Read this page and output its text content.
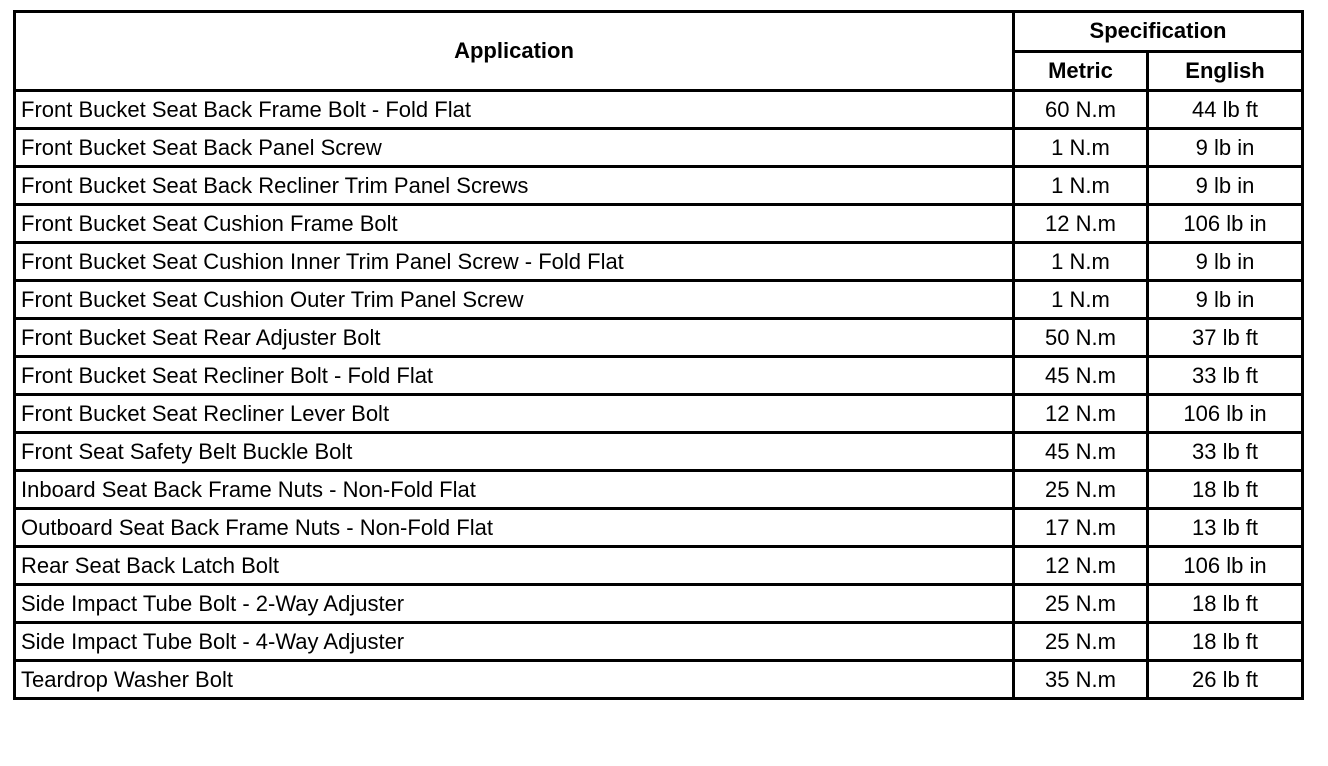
Application	Specification	
	Metric	English
Front Bucket Seat Back Frame Bolt - Fold Flat	60 N.m	44 lb ft
Front Bucket Seat Back Panel Screw	1 N.m	9 lb in
Front Bucket Seat Back Recliner Trim Panel Screws	1 N.m	9 lb in
Front Bucket Seat Cushion Frame Bolt	12 N.m	106 lb in
Front Bucket Seat Cushion Inner Trim Panel Screw - Fold Flat	1 N.m	9 lb in
Front Bucket Seat Cushion Outer Trim Panel Screw	1 N.m	9 lb in
Front Bucket Seat Rear Adjuster Bolt	50 N.m	37 lb ft
Front Bucket Seat Recliner Bolt - Fold Flat	45 N.m	33 lb ft
Front Bucket Seat Recliner Lever Bolt	12 N.m	106 lb in
Front Seat Safety Belt Buckle Bolt	45 N.m	33 lb ft
Inboard Seat Back Frame Nuts - Non-Fold Flat	25 N.m	18 lb ft
Outboard Seat Back Frame Nuts - Non-Fold Flat	17 N.m	13 lb ft
Rear Seat Back Latch Bolt	12 N.m	106 lb in
Side Impact Tube Bolt - 2-Way Adjuster	25 N.m	18 lb ft
Side Impact Tube Bolt - 4-Way Adjuster	25 N.m	18 lb ft
Teardrop Washer Bolt	35 N.m	26 lb ft
